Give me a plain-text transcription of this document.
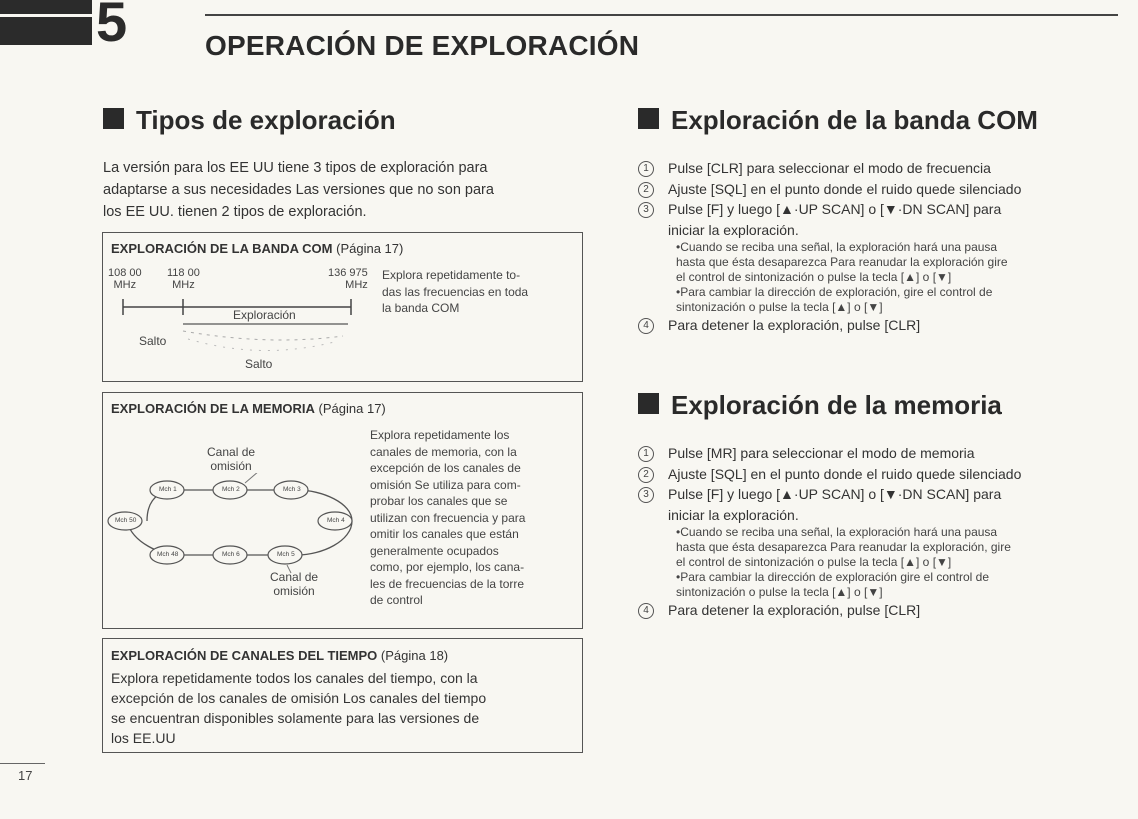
5	OPERACIÓN DE EXPLORACIÓN
Tipos de exploración
La versión para los EE UU tiene 3 tipos de exploración para
adaptarse a sus necesidades Las versiones que no son para
los EE UU. tienen 2 tipos de exploración.
EXPLORACIÓN DE LA BANDA COM (Página 17)
108 00
MHz
118 00
MHz
136 975
MHz
Exploración
Salto
Salto
Explora repetidamente to-
das las frecuencias en toda
la banda COM
EXPLORACIÓN DE LA MEMORIA (Página 17)
Canal de
omisión
Mch 1	Mch 2	Mch 3
Mch 4
Mch 5
Mch 6
Mch 48
Mch 50
Canal de
omisión
Explora repetidamente los
canales de memoria, con la
excepción de los canales de
omisión Se utiliza para com-
probar los canales que se
utilizan con frecuencia y para
omitir los canales que están
generalmente ocupados
como, por ejemplo, los cana-
les de frecuencias de la torre
de control
EXPLORACIÓN DE CANALES DEL TIEMPO (Página 18)
Explora repetidamente todos los canales del tiempo, con la
excepción de los canales de omisión Los canales del tiempo
se encuentran disponibles solamente para las versiones de
los EE.UU
Exploración de la banda COM
1	Pulse [CLR] para seleccionar el modo de frecuencia
2	Ajuste [SQL] en el punto donde el ruido quede silenciado
3	Pulse [F] y luego [▲·UP SCAN] o [▼·DN SCAN] para
iniciar la exploración.
•Cuando se reciba una señal, la exploración hará una pausa
hasta que ésta desaparezca Para reanudar la exploración gire
el control de sintonización o pulse la tecla [▲] o [▼]
•Para cambiar la dirección de exploración, gire el control de
sintonización o pulse la tecla [▲] o [▼]
4	Para detener la exploración, pulse [CLR]
Exploración de la memoria
1	Pulse [MR] para seleccionar el modo de memoria
2	Ajuste [SQL] en el punto donde el ruido quede silenciado
3	Pulse [F] y luego [▲·UP SCAN] o [▼·DN SCAN] para
iniciar la exploración.
•Cuando se reciba una señal, la exploración hará una pausa
hasta que ésta desaparezca Para reanudar la exploración, gire
el control de sintonización o pulse la tecla [▲] o [▼]
•Para cambiar la dirección de exploración gire el control de
sintonización o pulse la tecla [▲] o [▼]
4	Para detener la exploración, pulse [CLR]
17
